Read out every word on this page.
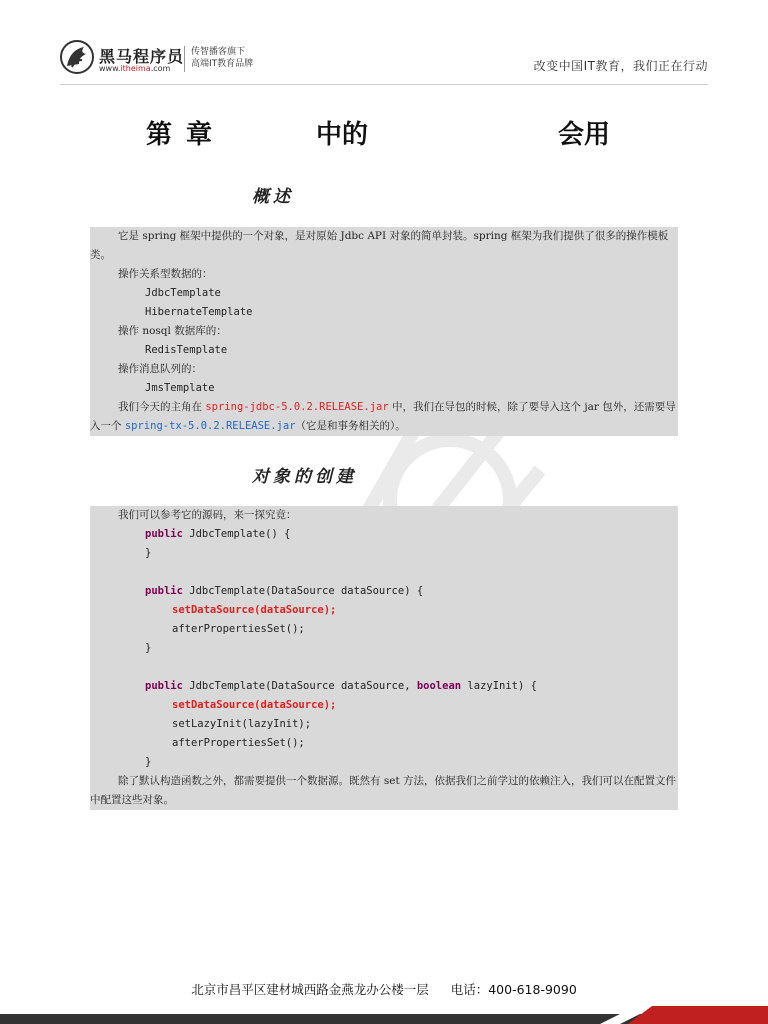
黑马程序员
www.itheima.com
传智播客旗下
高端IT教育品牌	改变中国IT教育，我们正在行动
第 章	中的	会用
概述
它是 spring 框架中提供的一个对象，是对原始 Jdbc API 对象的简单封装。spring 框架为我们提供了很多的操作模板类。
操作关系型数据的：
JdbcTemplate
HibernateTemplate
操作 nosql 数据库的：
RedisTemplate
操作消息队列的：
JmsTemplate
我们今天的主角在 spring-jdbc-5.0.2.RELEASE.jar 中，我们在导包的时候，除了要导入这个 jar 包外，还需要导入一个 spring-tx-5.0.2.RELEASE.jar（它是和事务相关的）。
对象的创建
我们可以参考它的源码，来一探究竟：
public JdbcTemplate() {
}
public JdbcTemplate(DataSource dataSource) {
setDataSource(dataSource);
afterPropertiesSet();
}
public JdbcTemplate(DataSource dataSource, boolean lazyInit) {
setDataSource(dataSource);
setLazyInit(lazyInit);
afterPropertiesSet();
}
除了默认构造函数之外，都需要提供一个数据源。既然有 set 方法，依据我们之前学过的依赖注入，我们可以在配置文件中配置这些对象。
北京市昌平区建材城西路金燕龙办公楼一层 电话：400-618-9090
